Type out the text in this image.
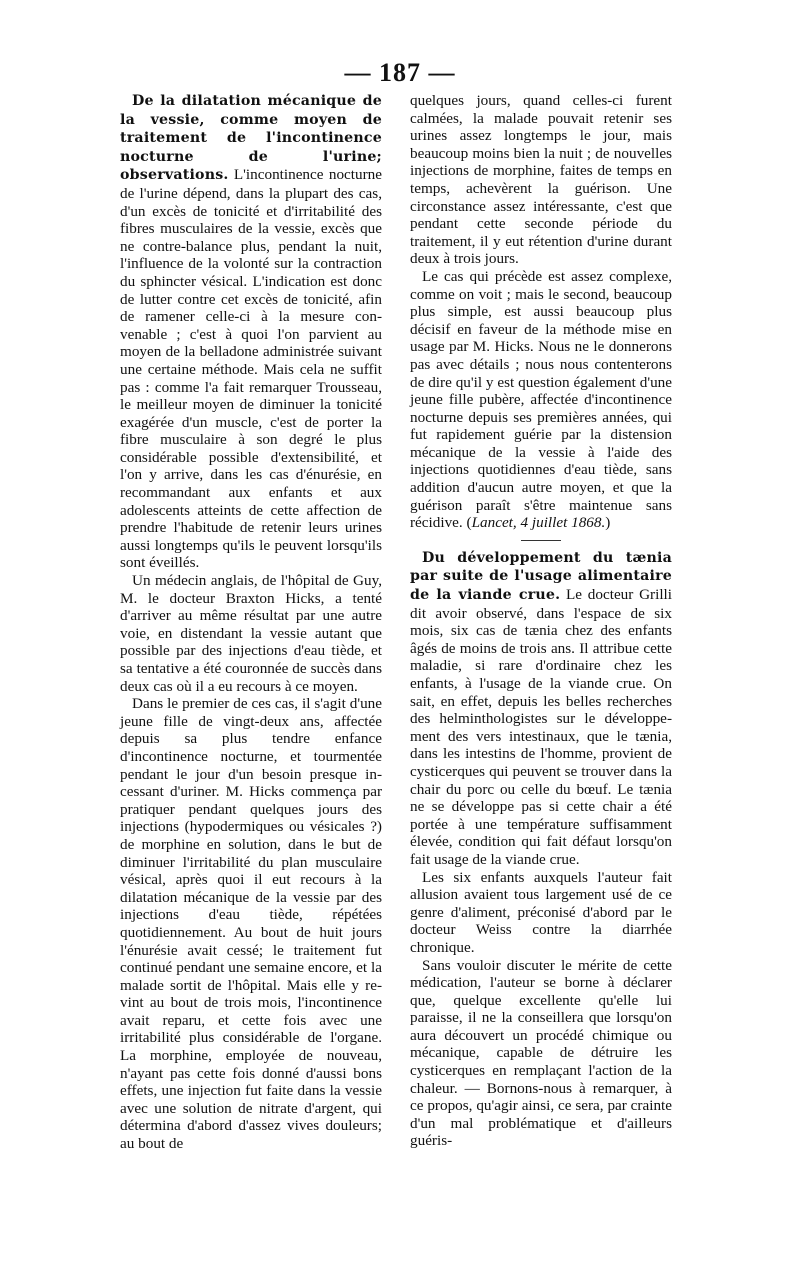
— 187 —

De la dilatation mécanique de la vessie, comme moyen de traitement de l'incontinence nocturne de l'urine; observations. L'incontinence nocturne de l'urine dépend, dans la plupart des cas, d'un excès de tonicité et d'irritabilité des fibres musculaires de la vessie, excès que ne contre-balance plus, pendant la nuit, l'influence de la volonté sur la contraction du sphincter vésical. L'indication est donc de lutter contre cet excès de tonicité, afin de ramener celle-ci à la mesure convenable ; c'est à quoi l'on parvient au moyen de la belladone administrée suivant une certaine méthode. Mais cela ne suffit pas : comme l'a fait remarquer Trousseau, le meilleur moyen de diminuer la tonicité exagérée d'un muscle, c'est de porter la fibre musculaire à son degré le plus considérable possible d'extensibilité, et l'on y arrive, dans les cas d'énurésie, en recommandant aux enfants et aux adolescents atteints de cette affection de prendre l'habitude de retenir leurs urines aussi longtemps qu'ils le peuvent lorsqu'ils sont éveillés.

Un médecin anglais, de l'hôpital de Guy, M. le docteur Braxton Hicks, a tenté d'arriver au même résultat par une autre voie, en distendant la vessie autant que possible par des injections d'eau tiède, et sa tentative a été couronnée de succès dans deux cas où il a eu recours à ce moyen.

Dans le premier de ces cas, il s'agit d'une jeune fille de vingt-deux ans, affectée depuis sa plus tendre enfance d'incontinence nocturne, et tourmentée pendant le jour d'un besoin presque incessant d'uriner. M. Hicks commença par pratiquer pendant quelques jours des injections (hypodermiques ou vésicales ?) de morphine en solution, dans le but de diminuer l'irritabilité du plan musculaire vésical, après quoi il eut recours à la dilatation mécanique de la vessie par des injections d'eau tiède, répétées quotidiennement. Au bout de huit jours l'énurésie avait cessé; le traitement fut continué pendant une semaine encore, et la malade sortit de l'hôpital. Mais elle y revint au bout de trois mois, l'incontinence avait reparu, et cette fois avec une irritabilité plus considérable de l'organe. La morphine, employée de nouveau, n'ayant pas cette fois donné d'aussi bons effets, une injection fut faite dans la vessie avec une solution de nitrate d'argent, qui détermina d'abord d'assez vives douleurs; au bout de

quelques jours, quand celles-ci furent calmées, la malade pouvait retenir ses urines assez longtemps le jour, mais beaucoup moins bien la nuit ; de nouvelles injections de morphine, faites de temps en temps, achevèrent la guérison. Une circonstance assez intéressante, c'est que pendant cette seconde période du traitement, il y eut rétention d'urine durant deux à trois jours.

Le cas qui précède est assez complexe, comme on voit ; mais le second, beaucoup plus simple, est aussi beaucoup plus décisif en faveur de la méthode mise en usage par M. Hicks. Nous ne le donnerons pas avec détails ; nous nous contenterons de dire qu'il y est question également d'une jeune fille pubère, affectée d'incontinence nocturne depuis ses premières années, qui fut rapidement guérie par la distension mécanique de la vessie à l'aide des injections quotidiennes d'eau tiède, sans addition d'aucun autre moyen, et que la guérison paraît s'être maintenue sans récidive. (Lancet, 4 juillet 1868.)

Du développement du tænia par suite de l'usage alimentaire de la viande crue. Le docteur Grilli dit avoir observé, dans l'espace de six mois, six cas de tænia chez des enfants âgés de moins de trois ans. Il attribue cette maladie, si rare d'ordinaire chez les enfants, à l'usage de la viande crue. On sait, en effet, depuis les belles recherches des helminthologistes sur le développement des vers intestinaux, que le tænia, dans les intestins de l'homme, provient de cysticerques qui peuvent se trouver dans la chair du porc ou celle du bœuf. Le tænia ne se développe pas si cette chair a été portée à une température suffisamment élevée, condition qui fait défaut lorsqu'on fait usage de la viande crue.

Les six enfants auxquels l'auteur fait allusion avaient tous largement usé de ce genre d'aliment, préconisé d'abord par le docteur Weiss contre la diarrhée chronique.

Sans vouloir discuter le mérite de cette médication, l'auteur se borne à déclarer que, quelque excellente qu'elle lui paraisse, il ne la conseillera que lorsqu'on aura découvert un procédé chimique ou mécanique, capable de détruire les cysticerques en remplaçant l'action de la chaleur. — Bornons-nous à remarquer, à ce propos, qu'agir ainsi, ce sera, par crainte d'un mal problématique et d'ailleurs guéris-
